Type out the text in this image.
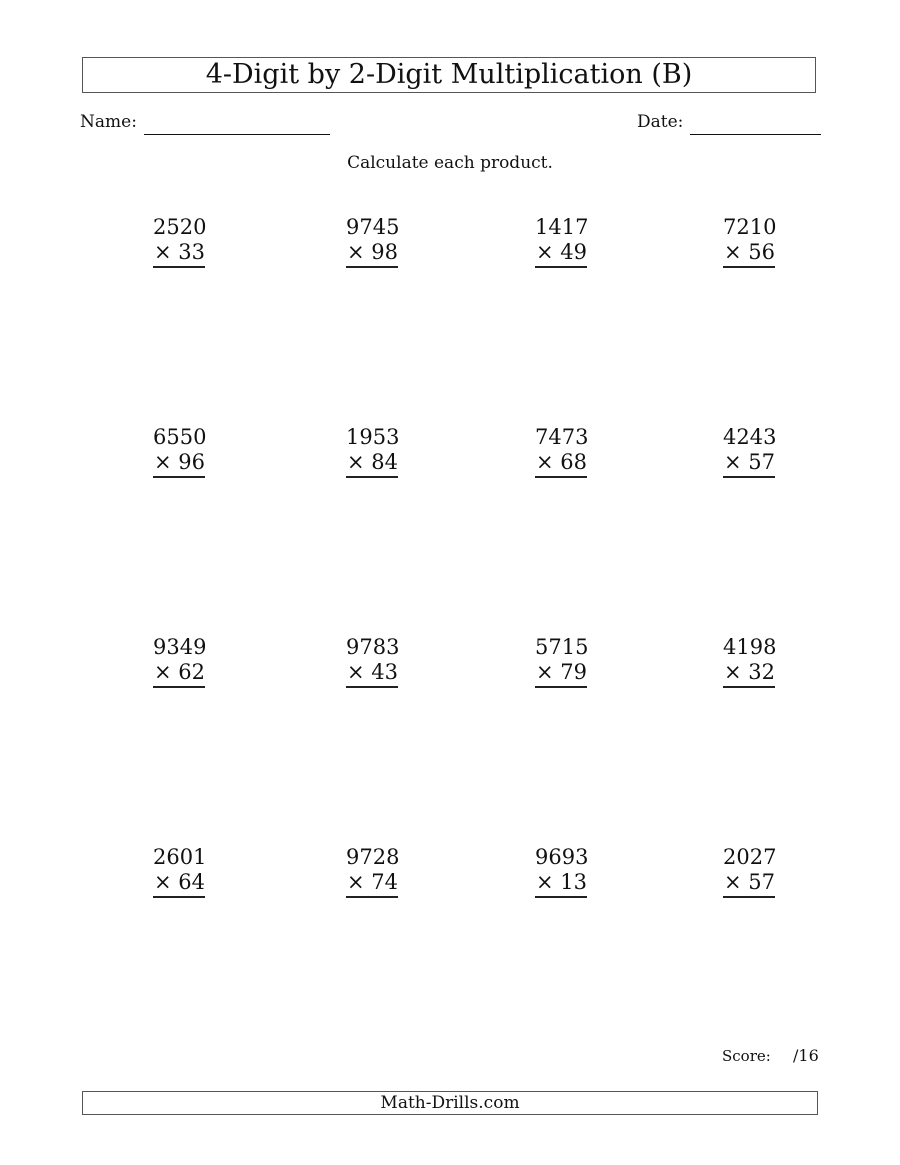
4-Digit by 2-Digit Multiplication (B)
Name:	Date:
Calculate each product.
2520
× 33
9745
× 98
1417
× 49
7210
× 56
6550
× 96
1953
× 84
7473
× 68
4243
× 57
9349
× 62
9783
× 43
5715
× 79
4198
× 32
2601
× 64
9728
× 74
9693
× 13
2027
× 57
Score: /16
Math-Drills.com
